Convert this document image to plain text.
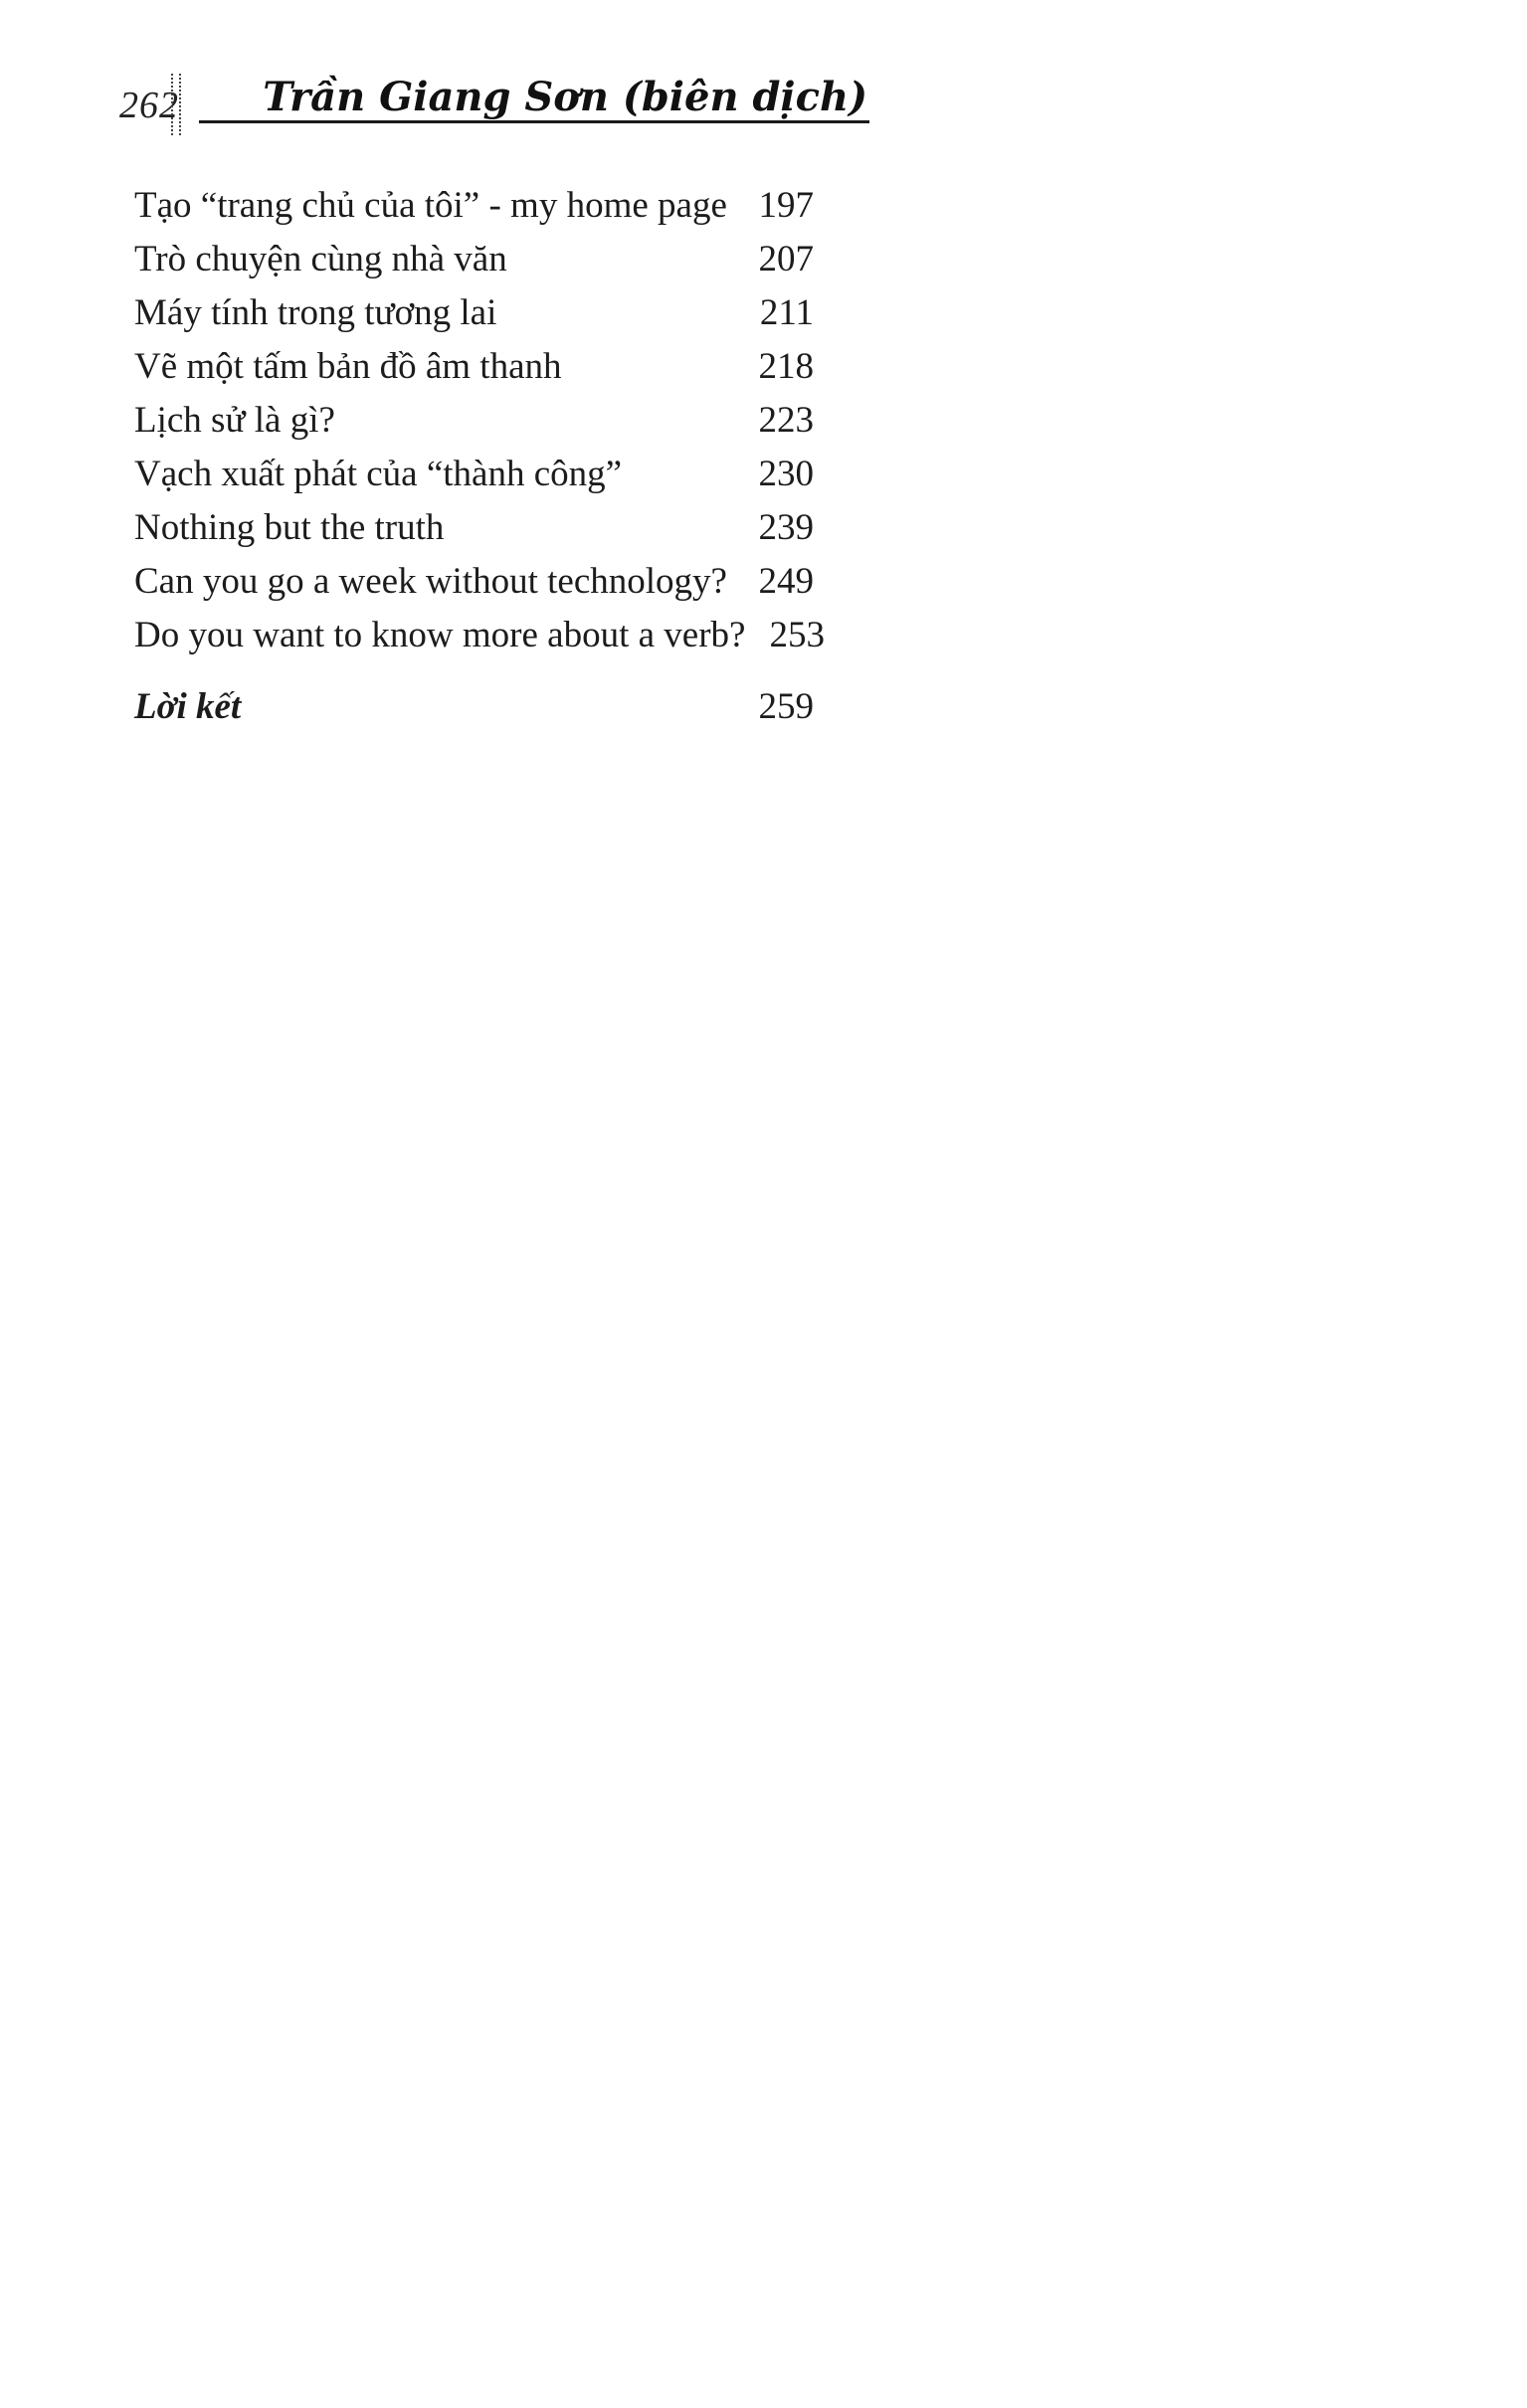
262	Trần Giang Sơn (biên dịch)
Tạo “trang chủ của tôi” - my home page 197
Trò chuyện cùng nhà văn	207
Máy tính trong tương lai	211
Vẽ một tấm bản đồ âm thanh	218
Lịch sử là gì?	223
Vạch xuất phát của “thành công”	230
Nothing but the truth	239
Can you go a week without technology? 249
Do you want to know more about a verb? 253
Lời kết	259
